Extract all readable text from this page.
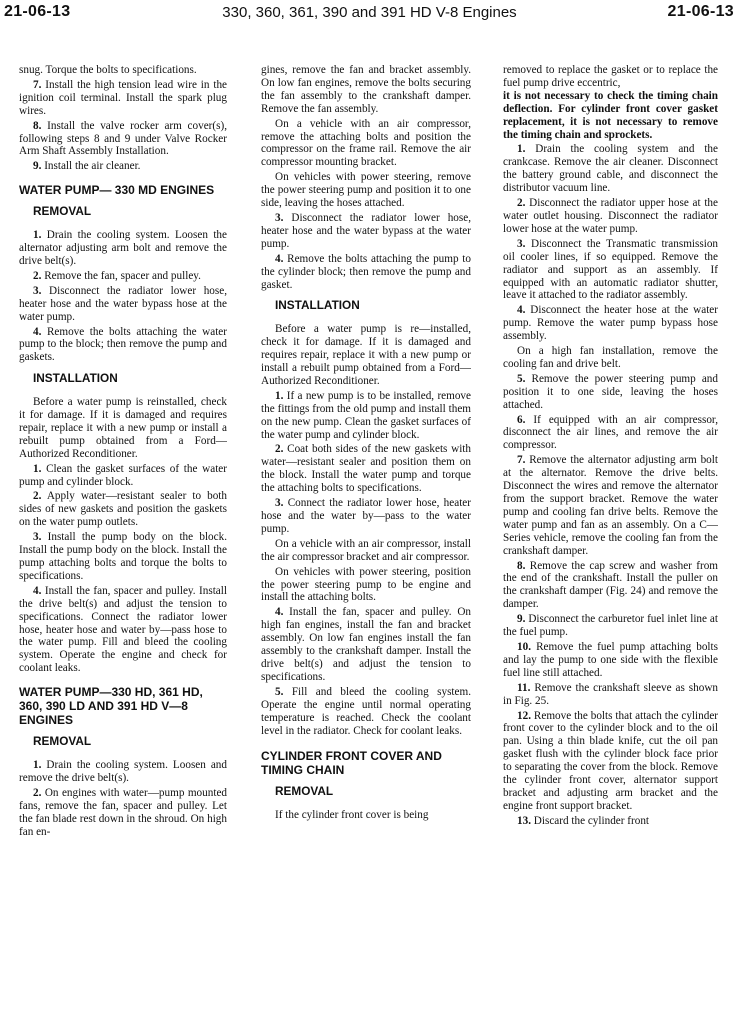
21-06-13	330, 360, 361, 390 and 391 HD V-8 Engines	21-06-13

snug. Torque the bolts to specifications.

7. Install the high tension lead wire in the ignition coil terminal. Install the spark plug wires.

8. Install the valve rocker arm cover(s), following steps 8 and 9 under Valve Rocker Arm Shaft Assembly Installation.

9. Install the air cleaner.

WATER PUMP— 330 MD ENGINES
REMOVAL

1. Drain the cooling system. Loosen the alternator adjusting arm bolt and remove the drive belt(s).

2. Remove the fan, spacer and pulley.

3. Disconnect the radiator lower hose, heater hose and the water bypass hose at the water pump.

4. Remove the bolts attaching the water pump to the block; then remove the pump and gaskets.

INSTALLATION

Before a water pump is reinstalled, check it for damage. If it is damaged and requires repair, replace it with a new pump or install a rebuilt pump obtained from a Ford—Authorized Reconditioner.

1. Clean the gasket surfaces of the water pump and cylinder block.

2. Apply water—resistant sealer to both sides of new gaskets and position the gaskets on the water pump outlets.

3. Install the pump body on the block. Install the pump body on the block. Install the pump attaching bolts and torque the bolts to specifications.

4. Install the fan, spacer and pulley. Install the drive belt(s) and adjust the tension to specifications. Connect the radiator lower hose, heater hose and water by—pass hose to the water pump. Fill and bleed the cooling system. Operate the engine and check for coolant leaks.

WATER PUMP—330 HD, 361 HD, 360, 390 LD AND 391 HD V—8 ENGINES
REMOVAL

1. Drain the cooling system. Loosen and remove the drive belt(s).

2. On engines with water—pump mounted fans, remove the fan, spacer and pulley. Let the fan blade rest down in the shroud. On high fan en-

gines, remove the fan and bracket assembly. On low fan engines, remove the bolts securing the fan assembly to the crankshaft damper. Remove the fan assembly.

On a vehicle with an air compressor, remove the attaching bolts and position the compressor on the frame rail. Remove the air compressor mounting bracket.

On vehicles with power steering, remove the power steering pump and position it to one side, leaving the hoses attached.

3. Disconnect the radiator lower hose, heater hose and the water bypass at the water pump.

4. Remove the bolts attaching the pump to the cylinder block; then remove the pump and gasket.

INSTALLATION

Before a water pump is re—installed, check it for damage. If it is damaged and requires repair, replace it with a new pump or install a rebuilt pump obtained from a Ford—Authorized Reconditioner.

1. If a new pump is to be installed, remove the fittings from the old pump and install them on the new pump. Clean the gasket surfaces of the water pump and cylinder block.

2. Coat both sides of the new gaskets with water—resistant sealer and position them on the block. Install the water pump and torque the attaching bolts to specifications.

3. Connect the radiator lower hose, heater hose and the water by—pass to the water pump.

On a vehicle with an air compressor, install the air compressor bracket and air compressor.

On vehicles with power steering, position the power steering pump to be engine and install the attaching bolts.

4. Install the fan, spacer and pulley. On high fan engines, install the fan and bracket assembly. On low fan engines install the fan assembly to the crankshaft damper. Install the drive belt(s) and adjust the tension to specifications.

5. Fill and bleed the cooling system. Operate the engine until normal operating temperature is reached. Check the coolant level in the radiator. Check for coolant leaks.

CYLINDER FRONT COVER AND TIMING CHAIN
REMOVAL

If the cylinder front cover is being

removed to replace the gasket or to replace the fuel pump drive eccentric,

it is not necessary to check the timing chain deflection. For cylinder front cover gasket replacement, it is not necessary to remove the timing chain and sprockets.

1. Drain the cooling system and the crankcase. Remove the air cleaner. Disconnect the battery ground cable, and disconnect the distributor vacuum line.

2. Disconnect the radiator upper hose at the water outlet housing. Disconnect the radiator lower hose at the water pump.

3. Disconnect the Transmatic transmission oil cooler lines, if so equipped. Remove the radiator and support as an assembly. If equipped with an automatic radiator shutter, leave it attached to the radiator assembly.

4. Disconnect the heater hose at the water pump. Remove the water pump bypass hose assembly.

On a high fan installation, remove the cooling fan and drive belt.

5. Remove the power steering pump and position it to one side, leaving the hoses attached.

6. If equipped with an air compressor, disconnect the air lines, and remove the air compressor.

7. Remove the alternator adjusting arm bolt at the alternator. Remove the drive belts. Disconnect the wires and remove the alternator from the support bracket. Remove the water pump and cooling fan drive belts. Remove the water pump and fan as an assembly. On a C—Series vehicle, remove the cooling fan from the crankshaft damper.

8. Remove the cap screw and washer from the end of the crankshaft. Install the puller on the crankshaft damper (Fig. 24) and remove the damper.

9. Disconnect the carburetor fuel inlet line at the fuel pump.

10. Remove the fuel pump attaching bolts and lay the pump to one side with the flexible fuel line still attached.

11. Remove the crankshaft sleeve as shown in Fig. 25.

12. Remove the bolts that attach the cylinder front cover to the cylinder block and to the oil pan. Using a thin blade knife, cut the oil pan gasket flush with the cylinder block face prior to separating the cover from the block. Remove the cylinder front cover, alternator support bracket and adjusting arm bracket and the engine front support bracket.

13. Discard the cylinder front
